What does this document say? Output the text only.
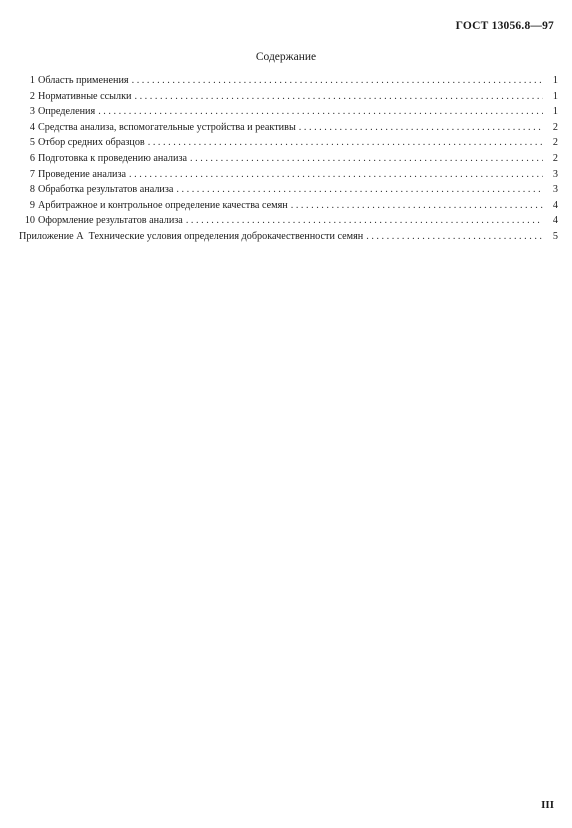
ГОСТ 13056.8—97
Содержание
1 Область применения . . .	1
2 Нормативные ссылки . . .	1
3 Определения . . .	1
4 Средства анализа, вспомогательные устройства и реактивы . . .	2
5 Отбор средних образцов . . .	2
6 Подготовка к проведению анализа . . .	2
7 Проведение анализа . . .	3
8 Обработка результатов анализа . . .	3
9 Арбитражное и контрольное определение качества семян . . .	4
10 Оформление результатов анализа . . .	4
Приложение А  Технические условия определения доброкачественности семян . . .	5
III
